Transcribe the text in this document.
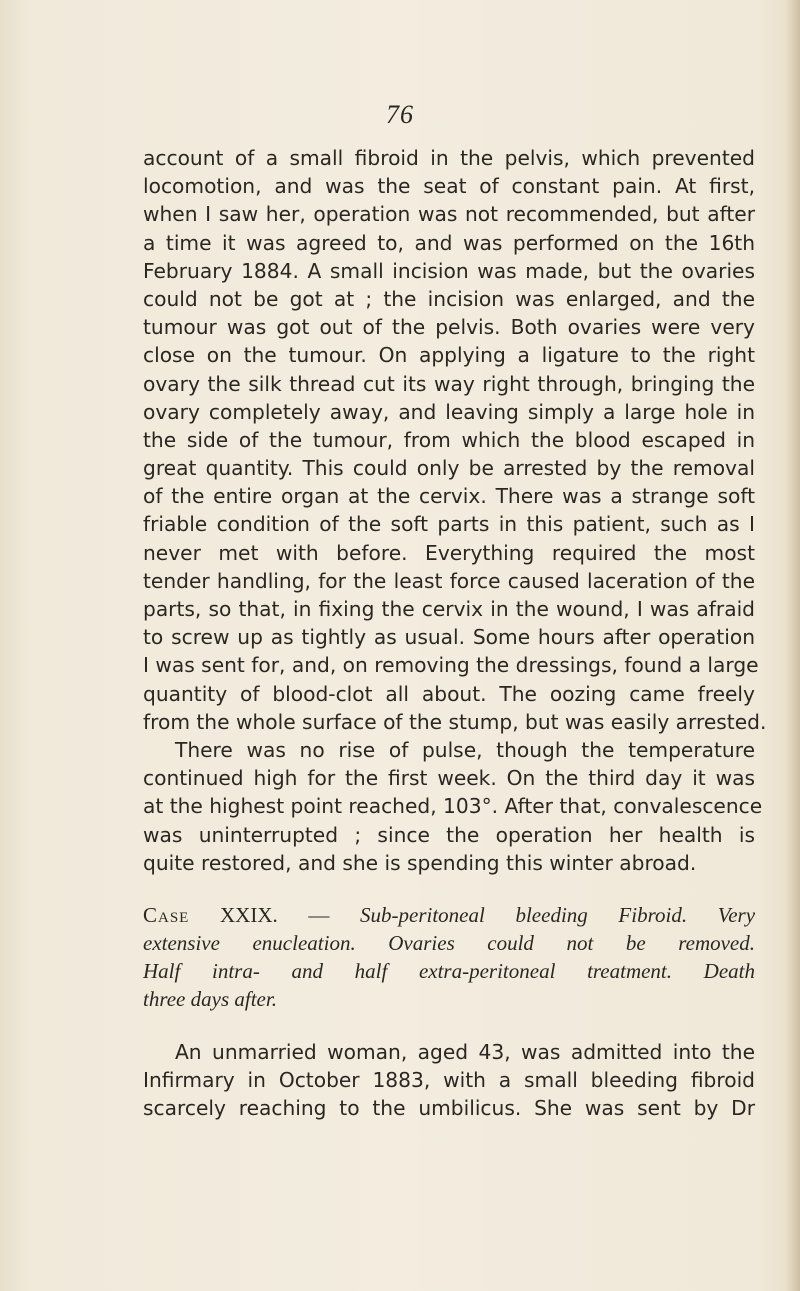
76
account of a small fibroid in the pelvis, which prevented
locomotion, and was the seat of constant pain. At first,
when I saw her, operation was not recommended, but after
a time it was agreed to, and was performed on the 16th
February 1884. A small incision was made, but the ovaries
could not be got at ; the incision was enlarged, and the
tumour was got out of the pelvis. Both ovaries were very
close on the tumour. On applying a ligature to the right
ovary the silk thread cut its way right through, bringing the
ovary completely away, and leaving simply a large hole in
the side of the tumour, from which the blood escaped in
great quantity. This could only be arrested by the removal
of the entire organ at the cervix. There was a strange soft
friable condition of the soft parts in this patient, such as I
never met with before. Everything required the most
tender handling, for the least force caused laceration of the
parts, so that, in fixing the cervix in the wound, I was afraid
to screw up as tightly as usual. Some hours after operation
I was sent for, and, on removing the dressings, found a large
quantity of blood-clot all about. The oozing came freely
from the whole surface of the stump, but was easily arrested.
There was no rise of pulse, though the temperature
continued high for the first week. On the third day it was
at the highest point reached, 103°. After that, convalescence
was uninterrupted ; since the operation her health is
quite restored, and she is spending this winter abroad.
Case XXIX. — Sub-peritoneal bleeding Fibroid. Very
extensive enucleation. Ovaries could not be removed.
Half intra- and half extra-peritoneal treatment. Death
three days after.
An unmarried woman, aged 43, was admitted into the
Infirmary in October 1883, with a small bleeding fibroid
scarcely reaching to the umbilicus. She was sent by Dr
